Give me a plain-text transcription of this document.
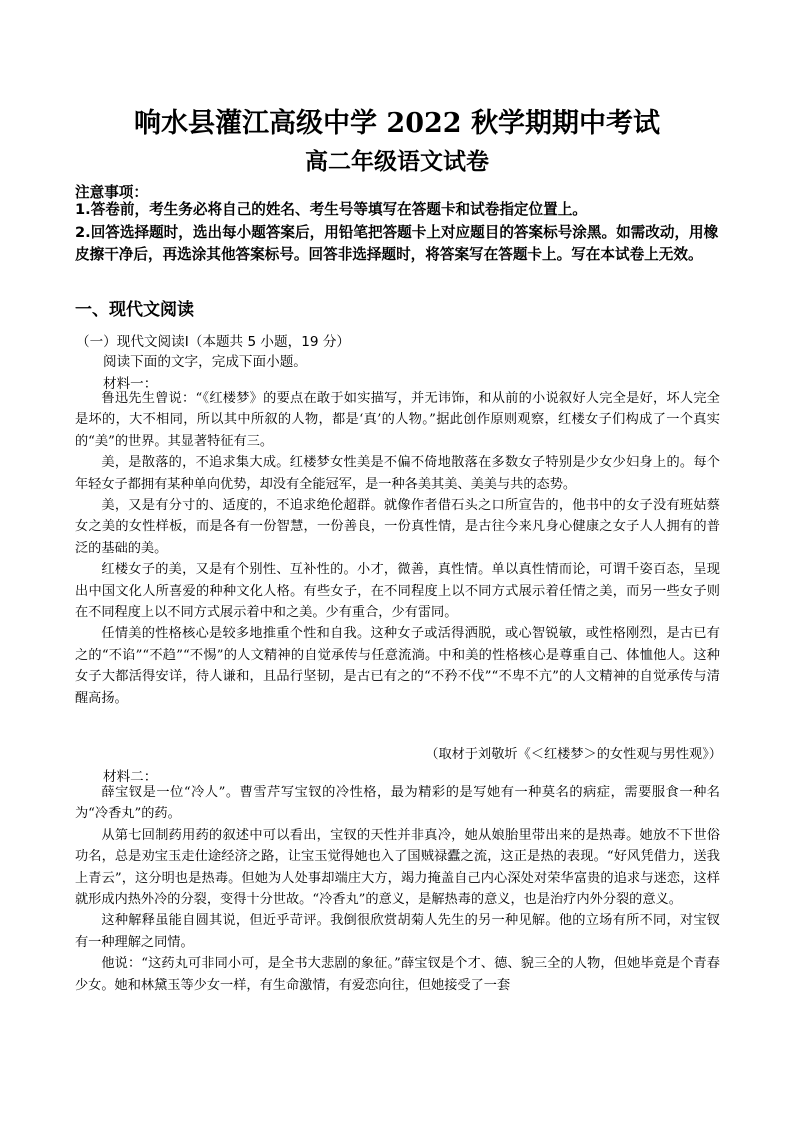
响水县灌江高级中学 2022 秋学期期中考试
高二年级语文试卷
注意事项：

1.答卷前，考生务必将自己的姓名、考生号等填写在答题卡和试卷指定位置上。

2.回答选择题时，选出每小题答案后，用铅笔把答题卡上对应题目的答案标号涂黑。如需改动，用橡皮擦干净后，再选涂其他答案标号。回答非选择题时，将答案写在答题卡上。写在本试卷上无效。

一、现代文阅读
（一）现代文阅读Ⅰ（本题共 5 小题，19 分）
阅读下面的文字，完成下面小题。
材料一：

鲁迅先生曾说：“《红楼梦》的要点在敢于如实描写，并无讳饰，和从前的小说叙好人完全是好，坏人完全是坏的，大不相同，所以其中所叙的人物，都是‘真’的人物。”据此创作原则观察，红楼女子们构成了一个真实的“美”的世界。其显著特征有三。

美，是散落的，不追求集大成。红楼梦女性美是不偏不倚地散落在多数女子特别是少女少妇身上的。每个年轻女子都拥有某种单向优势，却没有全能冠军，是一种各美其美、美美与共的态势。

美，又是有分寸的、适度的，不追求绝伦超群。就像作者借石头之口所宣告的，他书中的女子没有班姑蔡女之美的女性样板，而是各有一份智慧，一份善良，一份真性情，是古往今来凡身心健康之女子人人拥有的普泛的基础的美。

红楼女子的美，又是有个别性、互补性的。小才，微善，真性情。单以真性情而论，可谓千姿百态，呈现出中国文化人所喜爱的种种文化人格。有些女子，在不同程度上以不同方式展示着任情之美，而另一些女子则在不同程度上以不同方式展示着中和之美。少有重合，少有雷同。

任情美的性格核心是较多地推重个性和自我。这种女子或活得洒脱，或心智锐敏，或性格刚烈，是古已有之的“不谄”“不趋”“不惕”的人文精神的自觉承传与任意流淌。中和美的性格核心是尊重自己、体恤他人。这种女子大都活得安详，待人谦和，且品行坚韧，是古已有之的“不矜不伐”“不卑不亢”的人文精神的自觉承传与清醒高扬。

（取材于刘敬圻《＜红楼梦＞的女性观与男性观》）
材料二：

薛宝钗是一位“冷人”。曹雪芹写宝钗的冷性格，最为精彩的是写她有一种莫名的病症，需要服食一种名为“冷香丸”的药。

从第七回制药用药的叙述中可以看出，宝钗的天性并非真冷，她从娘胎里带出来的是热毒。她放不下世俗功名，总是劝宝玉走仕途经济之路，让宝玉觉得她也入了国贼禄蠹之流，这正是热的表现。“好风凭借力，送我上青云”，这分明也是热毒。但她为人处事却端庄大方，竭力掩盖自己内心深处对荣华富贵的追求与迷恋，这样就形成内热外冷的分裂，变得十分世故。“冷香丸”的意义，是解热毒的意义，也是治疗内外分裂的意义。

这种解释虽能自圆其说，但近乎苛评。我倒很欣赏胡菊人先生的另一种见解。他的立场有所不同，对宝钗有一种理解之同情。

他说：“这药丸可非同小可，是全书大悲剧的象征。”薛宝钗是个才、德、貌三全的人物，但她毕竟是个青春少女。她和林黛玉等少女一样，有生命激情，有爱恋向往，但她接受了一套
